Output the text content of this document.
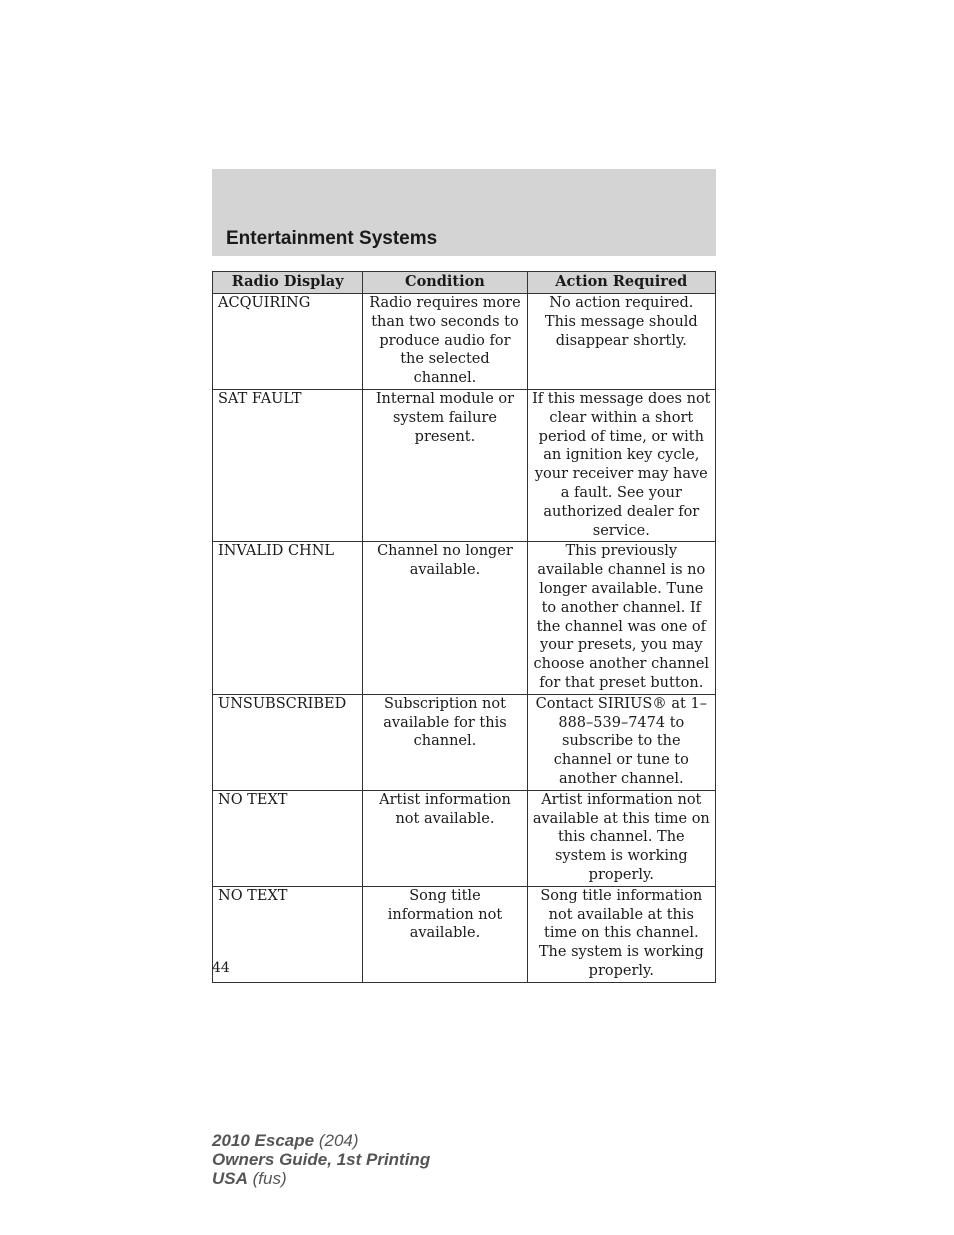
Entertainment Systems
Radio Display	Condition	Action Required
ACQUIRING	Radio requires more than two seconds to produce audio for the selected channel.	No action required. This message should disappear shortly.
SAT FAULT	Internal module or system failure present.	If this message does not clear within a short period of time, or with an ignition key cycle, your receiver may have a fault. See your authorized dealer for service.
INVALID CHNL	Channel no longer available.	This previously available channel is no longer available. Tune to another channel. If the channel was one of your presets, you may choose another channel for that preset button.
UNSUBSCRIBED	Subscription not available for this channel.	Contact SIRIUS® at 1–888–539–7474 to subscribe to the channel or tune to another channel.
NO TEXT	Artist information not available.	Artist information not available at this time on this channel. The system is working properly.
NO TEXT	Song title information not available.	Song title information not available at this time on this channel. The system is working properly.
44
2010 Escape (204)
Owners Guide, 1st Printing
USA (fus)
